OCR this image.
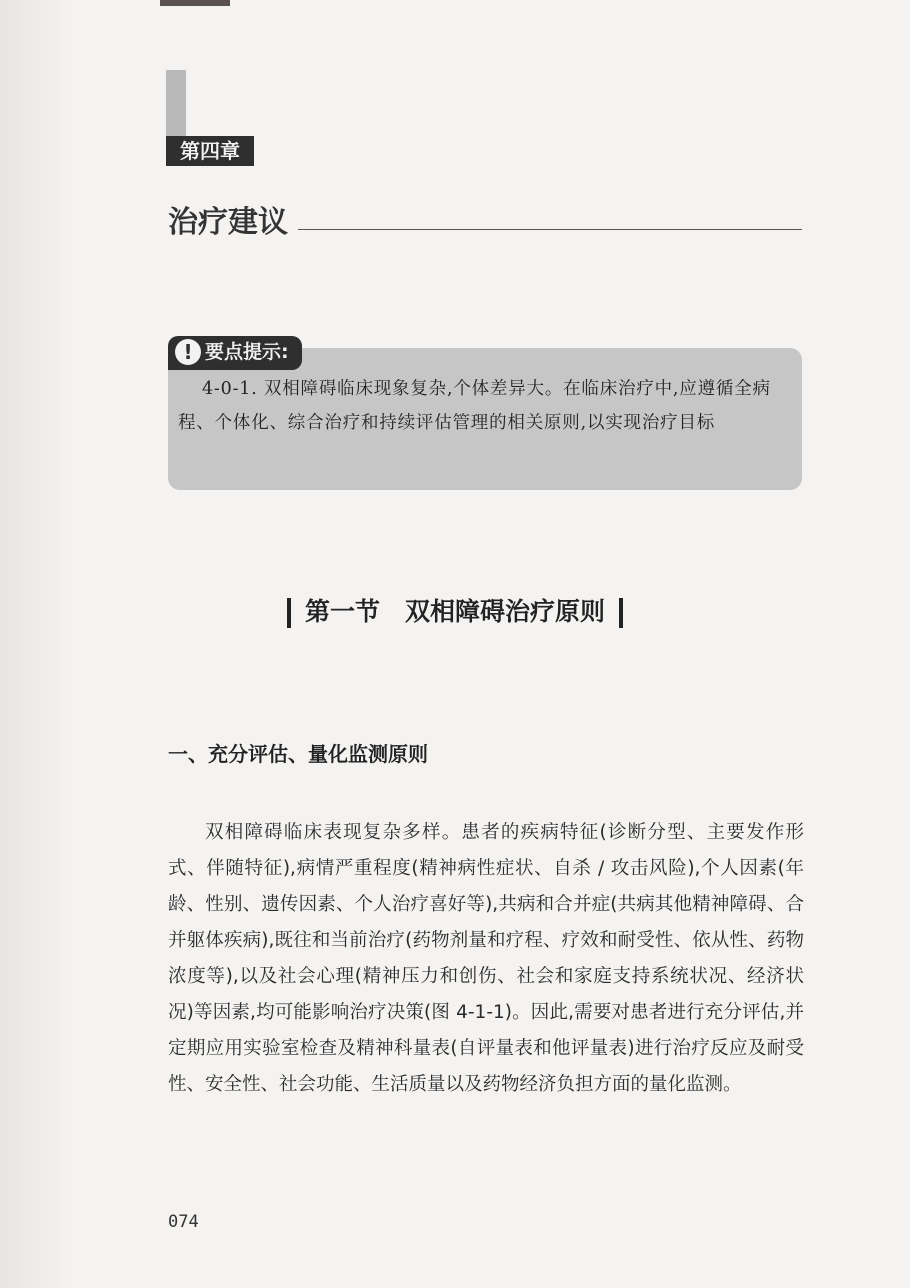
第四章
治疗建议
! 要点提示:
4-0-1. 双相障碍临床现象复杂,个体差异大。在临床治疗中,应遵循全病程、个体化、综合治疗和持续评估管理的相关原则,以实现治疗目标
第一节　双相障碍治疗原则
一、充分评估、量化监测原则
双相障碍临床表现复杂多样。患者的疾病特征(诊断分型、主要发作形式、伴随特征),病情严重程度(精神病性症状、自杀 / 攻击风险),个人因素(年龄、性别、遗传因素、个人治疗喜好等),共病和合并症(共病其他精神障碍、合并躯体疾病),既往和当前治疗(药物剂量和疗程、疗效和耐受性、依从性、药物浓度等),以及社会心理(精神压力和创伤、社会和家庭支持系统状况、经济状况)等因素,均可能影响治疗决策(图 4-1-1)。因此,需要对患者进行充分评估,并定期应用实验室检查及精神科量表(自评量表和他评量表)进行治疗反应及耐受性、安全性、社会功能、生活质量以及药物经济负担方面的量化监测。
074
